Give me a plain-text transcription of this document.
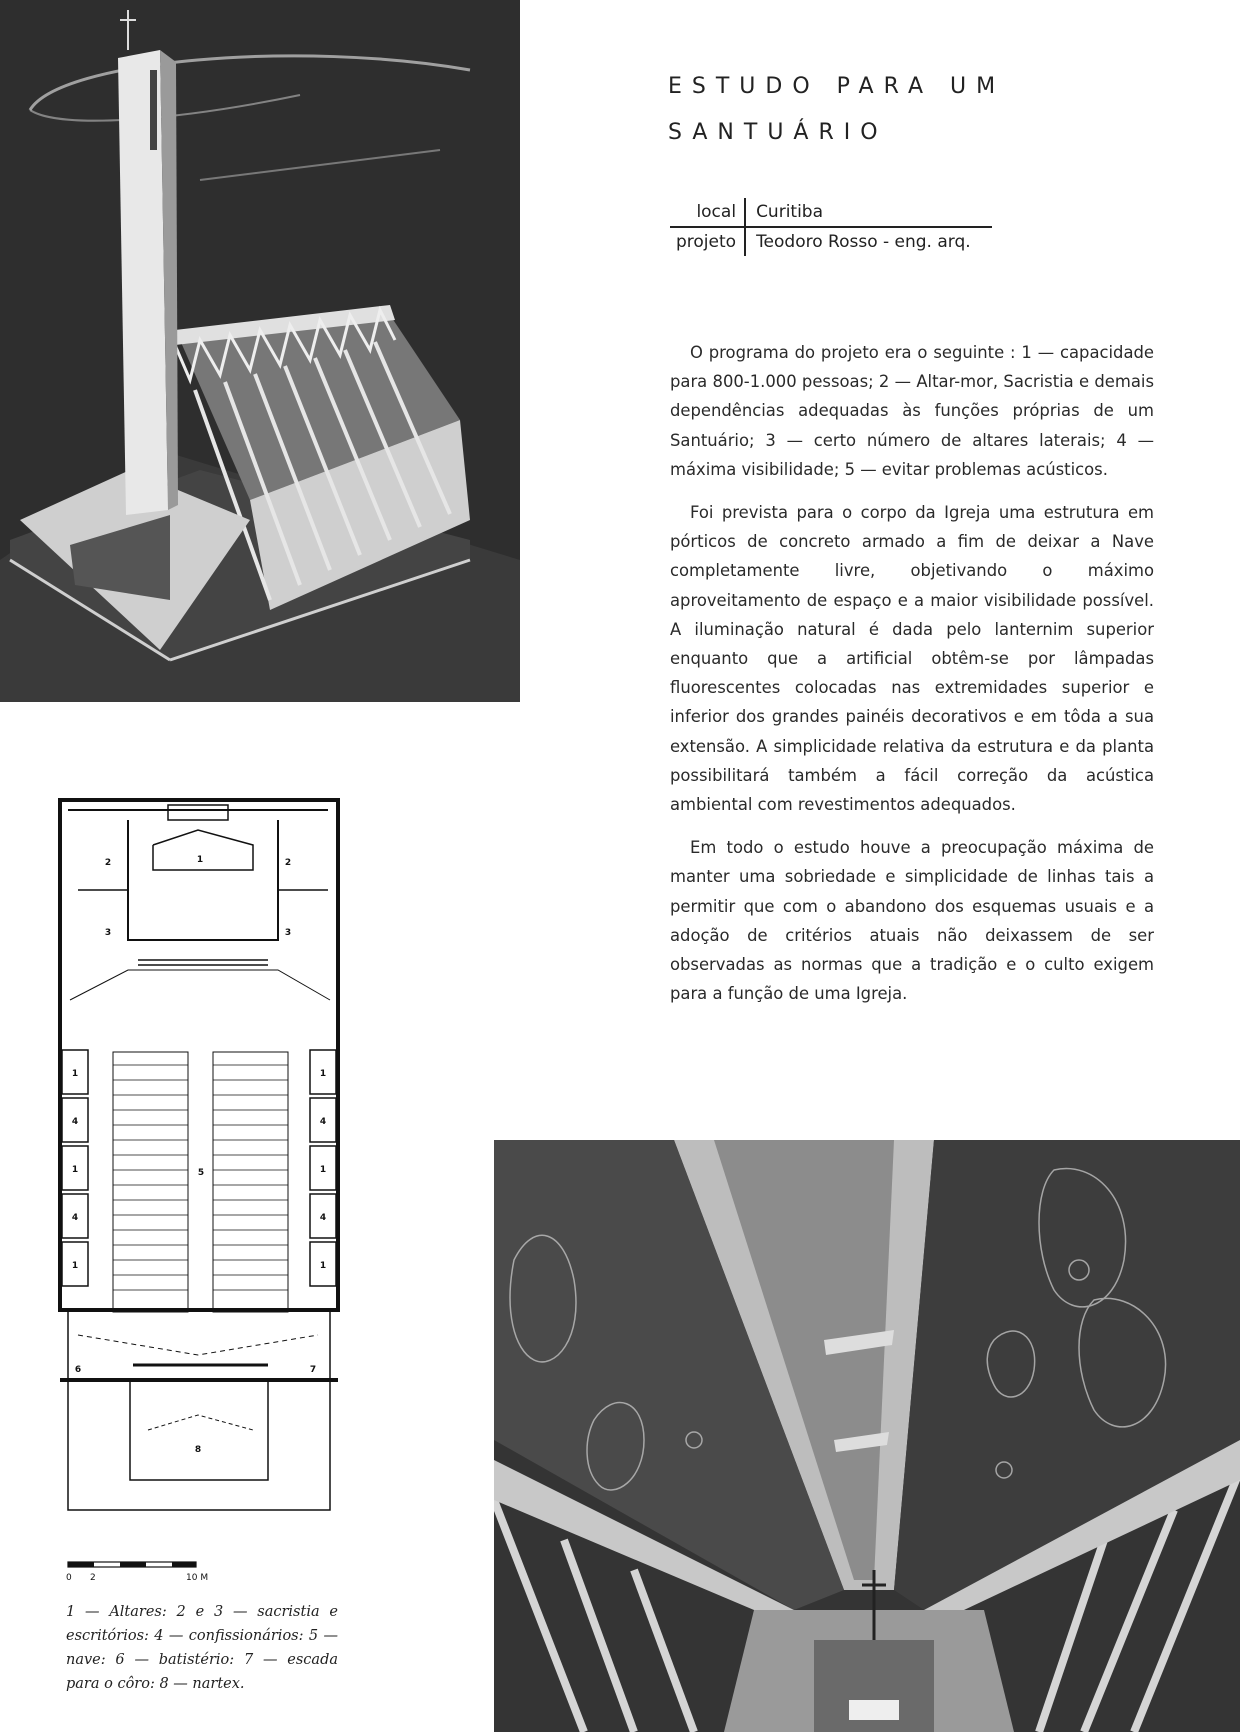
ESTUDO PARA UM
SANTUÁRIO
local	Curitiba
projeto	Teodoro Rosso - eng. arq.

O programa do projeto era o seguinte : 1 — capacidade para 800-1.000 pessoas; 2 — Altar-mor, Sacristia e demais dependências adequadas às funções próprias de um Santuário; 3 — certo número de altares laterais; 4 — máxima visibilidade; 5 — evitar problemas acústicos.

Foi prevista para o corpo da Igreja uma estrutura em pórticos de concreto armado a fim de deixar a Nave completamente livre, objetivando o máximo aproveitamento de espaço e a maior visibilidade possível. A iluminação natural é dada pelo lanternim superior enquanto que a artificial obtêm-se por lâmpadas fluorescentes colocadas nas extremidades superior e inferior dos grandes painéis decorativos e em tôda a sua extensão. A simplicidade relativa da estrutura e da planta possibilitará também a fácil correção da acústica ambiental com revestimentos adequados.

Em todo o estudo houve a preocupação máxima de manter uma sobriedade e simplicidade de linhas tais a permitir que com o abandono dos esquemas usuais e a adoção de critérios atuais não deixassem de ser observadas as normas que a tradição e o culto exigem para a função de uma Igreja.

1
2	2
3	3
5
6	7
8
1
4
1
4
1
1
4
1
4
1
0 2	10 M
1 — Altares: 2 e 3 — sacristia e escritórios: 4 — confissionários: 5 — nave: 6 — batistério: 7 — escada para o côro: 8 — nartex.
